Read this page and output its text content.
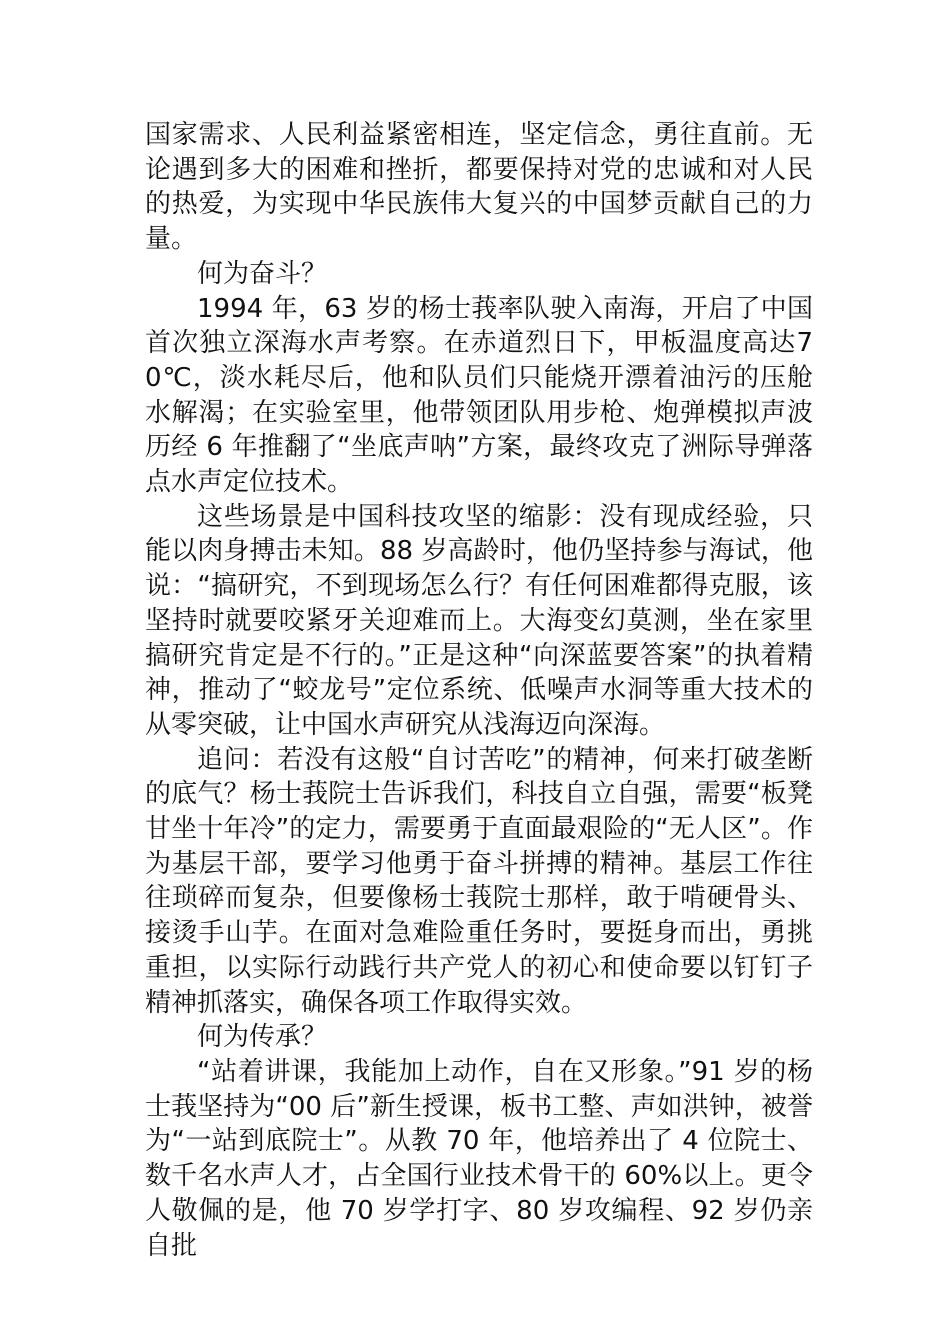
国家需求、人民利益紧密相连，坚定信念，勇往直前。无论遇到多大的困难和挫折，都要保持对党的忠诚和对人民的热爱，为实现中华民族伟大复兴的中国梦贡献自己的力量。

何为奋斗？

1994 年，63 岁的杨士莪率队驶入南海，开启了中国首次独立深海水声考察。在赤道烈日下，甲板温度高达70℃，淡水耗尽后，他和队员们只能烧开漂着油污的压舱水解渴；在实验室里，他带领团队用步枪、炮弹模拟声波历经 6 年推翻了“坐底声呐”方案，最终攻克了洲际导弹落点水声定位技术。

这些场景是中国科技攻坚的缩影：没有现成经验，只能以肉身搏击未知。88 岁高龄时，他仍坚持参与海试，他说：“搞研究，不到现场怎么行？有任何困难都得克服，该坚持时就要咬紧牙关迎难而上。大海变幻莫测，坐在家里搞研究肯定是不行的。”正是这种“向深蓝要答案”的执着精神，推动了“蛟龙号”定位系统、低噪声水洞等重大技术的从零突破，让中国水声研究从浅海迈向深海。

追问：若没有这般“自讨苦吃”的精神，何来打破垄断的底气？杨士莪院士告诉我们，科技自立自强，需要“板凳甘坐十年冷”的定力，需要勇于直面最艰险的“无人区”。作为基层干部，要学习他勇于奋斗拼搏的精神。基层工作往往琐碎而复杂，但要像杨士莪院士那样，敢于啃硬骨头、接烫手山芋。在面对急难险重任务时，要挺身而出，勇挑重担，以实际行动践行共产党人的初心和使命要以钉钉子精神抓落实，确保各项工作取得实效。

何为传承？

“站着讲课，我能加上动作，自在又形象。”91 岁的杨士莪坚持为“00 后”新生授课，板书工整、声如洪钟，被誉为“一站到底院士”。从教 70 年，他培养出了 4 位院士、数千名水声人才，占全国行业技术骨干的 60%以上。更令人敬佩的是，他 70 岁学打字、80 岁攻编程、92 岁仍亲自批
